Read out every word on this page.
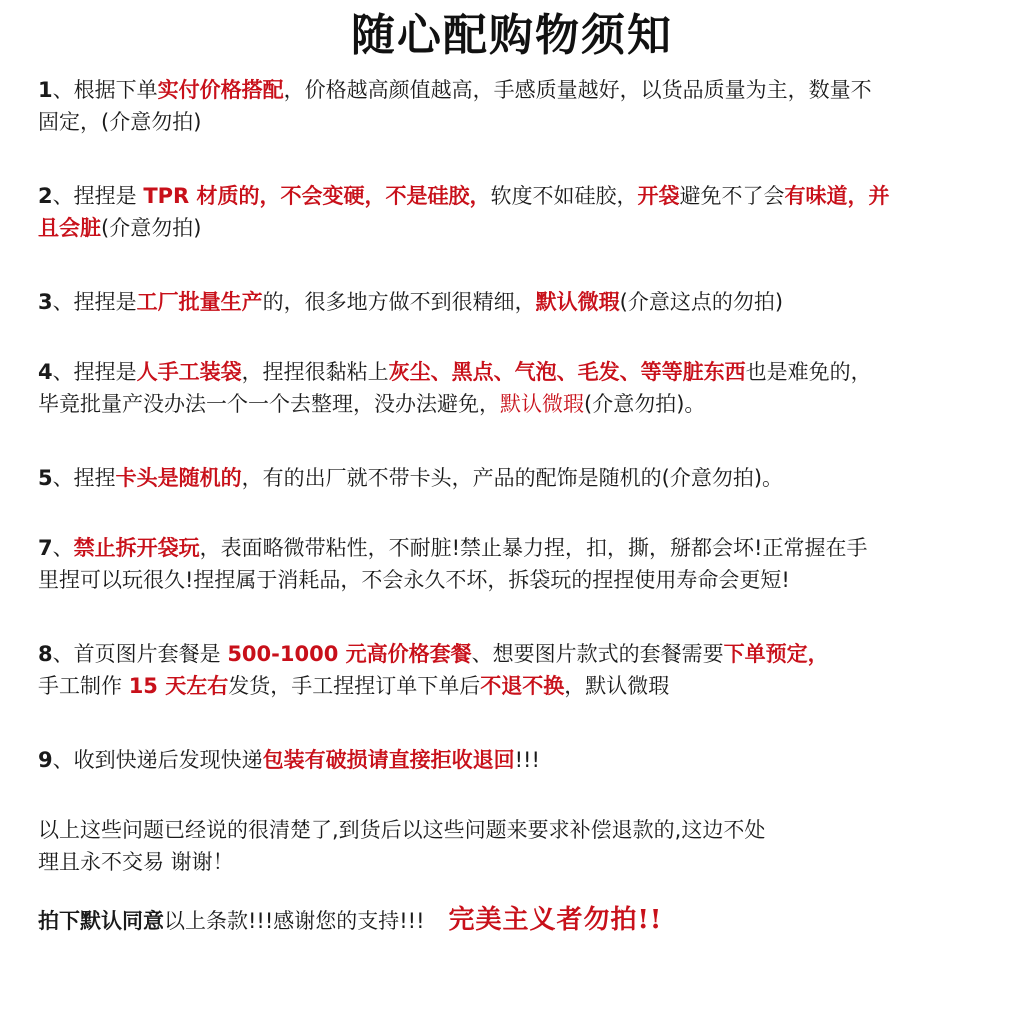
随心配购物须知
1、根据下单实付价格搭配，价格越高颜值越高，手感质量越好，以货品质量为主，数量不
固定，(介意勿拍)
2、捏捏是 TPR 材质的，不会变硬，不是硅胶，软度不如硅胶，开袋避免不了会有味道，并
且会脏(介意勿拍)
3、捏捏是工厂批量生产的，很多地方做不到很精细，默认微瑕(介意这点的勿拍)
4、捏捏是人手工装袋，捏捏很黏粘上灰尘、黑点、气泡、毛发、等等脏东西也是难免的，
毕竟批量产没办法一个一个去整理，没办法避免，默认微瑕(介意勿拍)。
5、捏捏卡头是随机的，有的出厂就不带卡头，产品的配饰是随机的(介意勿拍)。
7、禁止拆开袋玩，表面略微带粘性，不耐脏!禁止暴力捏，扣，撕，掰都会坏!正常握在手
里捏可以玩很久!捏捏属于消耗品，不会永久不坏，拆袋玩的捏捏使用寿命会更短!
8、首页图片套餐是 500-1000 元高价格套餐、想要图片款式的套餐需要下单预定，
手工制作 15 天左右发货，手工捏捏订单下单后不退不换，默认微瑕
9、收到快递后发现快递包装有破损请直接拒收退回!!!
以上这些问题已经说的很清楚了,到货后以这些问题来要求补偿退款的,这边不处
理且永不交易 谢谢！
拍下默认同意以上条款!!!感谢您的支持!!! 完美主义者勿拍!!
